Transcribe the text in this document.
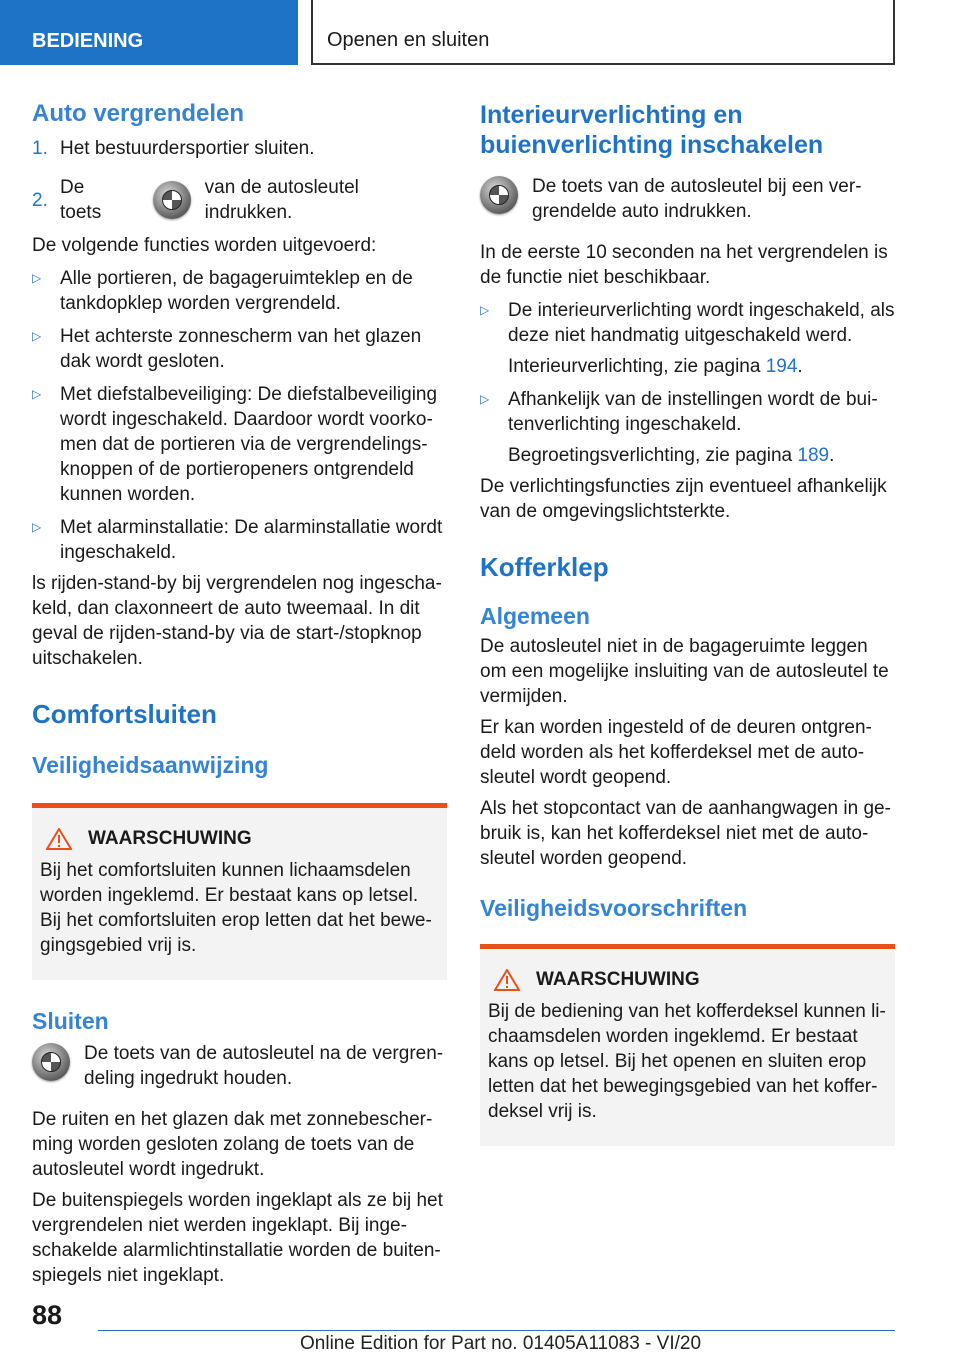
BEDIENING	Openen en sluiten
Auto vergrendelen
1. Het bestuurdersportier sluiten.
2.
De toets
van de autosleutel indrukken.

De volgende functies worden uitgevoerd:

▷ Alle portieren, de bagageruimteklep en de tankdopklep worden vergrendeld.
▷ Het achterste zonnescherm van het glazen dak wordt gesloten.
▷ Met diefstalbeveiliging: De diefstalbeveiliging wordt ingeschakeld. Daardoor wordt voorko-men dat de portieren via de vergrendelings-knoppen of de portieropeners ontgrendeld kunnen worden.
▷ Met alarminstallatie: De alarminstallatie wordt ingeschakeld.

ls rijden-stand-by bij vergrendelen nog ingescha-keld, dan claxonneert de auto tweemaal. In dit geval de rijden-stand-by via de start-/stopknop uitschakelen.

Comfortsluiten
Veiligheidsaanwijzing
WAARSCHUWING

Bij het comfortsluiten kunnen lichaamsdelen worden ingeklemd. Er bestaat kans op letsel. Bij het comfortsluiten erop letten dat het bewe-gingsgebied vrij is.

Sluiten

De toets van de autosleutel na de vergren-deling ingedrukt houden.

De ruiten en het glazen dak met zonnebescher-ming worden gesloten zolang de toets van de autosleutel wordt ingedrukt.

De buitenspiegels worden ingeklapt als ze bij het vergrendelen niet werden ingeklapt. Bij inge-schakelde alarmlichtinstallatie worden de buiten-spiegels niet ingeklapt.

Interieurverlichting en buienverlichting inschakelen

De toets van de autosleutel bij een ver-grendelde auto indrukken.

In de eerste 10 seconden na het vergrendelen is de functie niet beschikbaar.

▷ De interieurverlichting wordt ingeschakeld, als deze niet handmatig uitgeschakeld werd.
Interieurverlichting, zie pagina 194.
▷ Afhankelijk van de instellingen wordt de bui-tenverlichting ingeschakeld.
Begroetingsverlichting, zie pagina 189.

De verlichtingsfuncties zijn eventueel afhankelijk van de omgevingslichtsterkte.

Kofferklep
Algemeen

De autosleutel niet in de bagageruimte leggen om een mogelijke insluiting van de autosleutel te vermijden.

Er kan worden ingesteld of de deuren ontgren-deld worden als het kofferdeksel met de auto-sleutel wordt geopend.

Als het stopcontact van de aanhangwagen in ge-bruik is, kan het kofferdeksel niet met de auto-sleutel worden geopend.

Veiligheidsvoorschriften
WAARSCHUWING

Bij de bediening van het kofferdeksel kunnen li-chaamsdelen worden ingeklemd. Er bestaat kans op letsel. Bij het openen en sluiten erop letten dat het bewegingsgebied van het koffer-deksel vrij is.

88
Online Edition for Part no. 01405A11083 - VI/20
